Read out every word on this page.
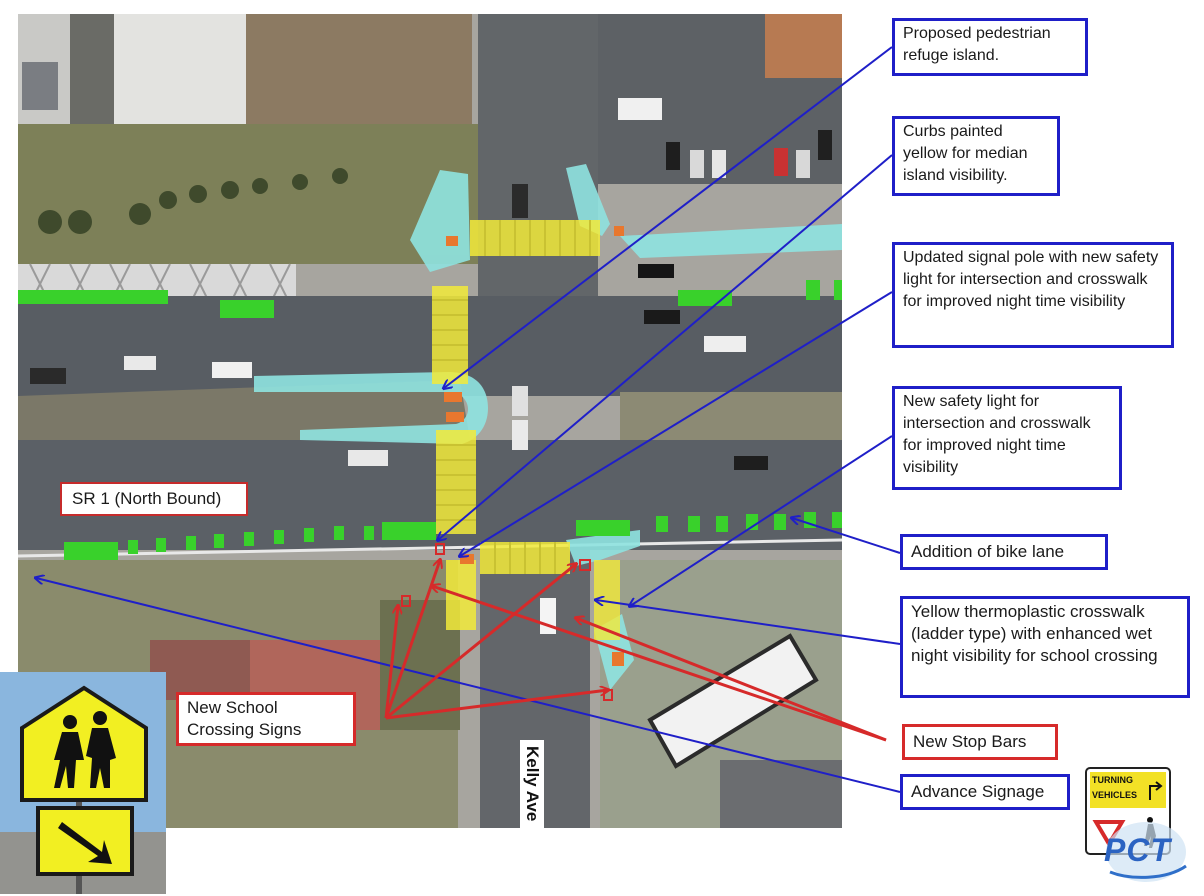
TURNING
VEHICLES
PCT
SR 1 (North Bound)
Kelly Ave
New School Crossing Signs
New Stop Bars
Proposed pedestrian refuge island.
Curbs painted yellow for median island visibility.
Updated signal pole with new safety light for intersection and crosswalk for improved night time visibility
New safety light for intersection and crosswalk for improved night time visibility
Addition of bike lane
Yellow thermoplastic crosswalk (ladder type) with enhanced wet night visibility for school crossing
Advance Signage
